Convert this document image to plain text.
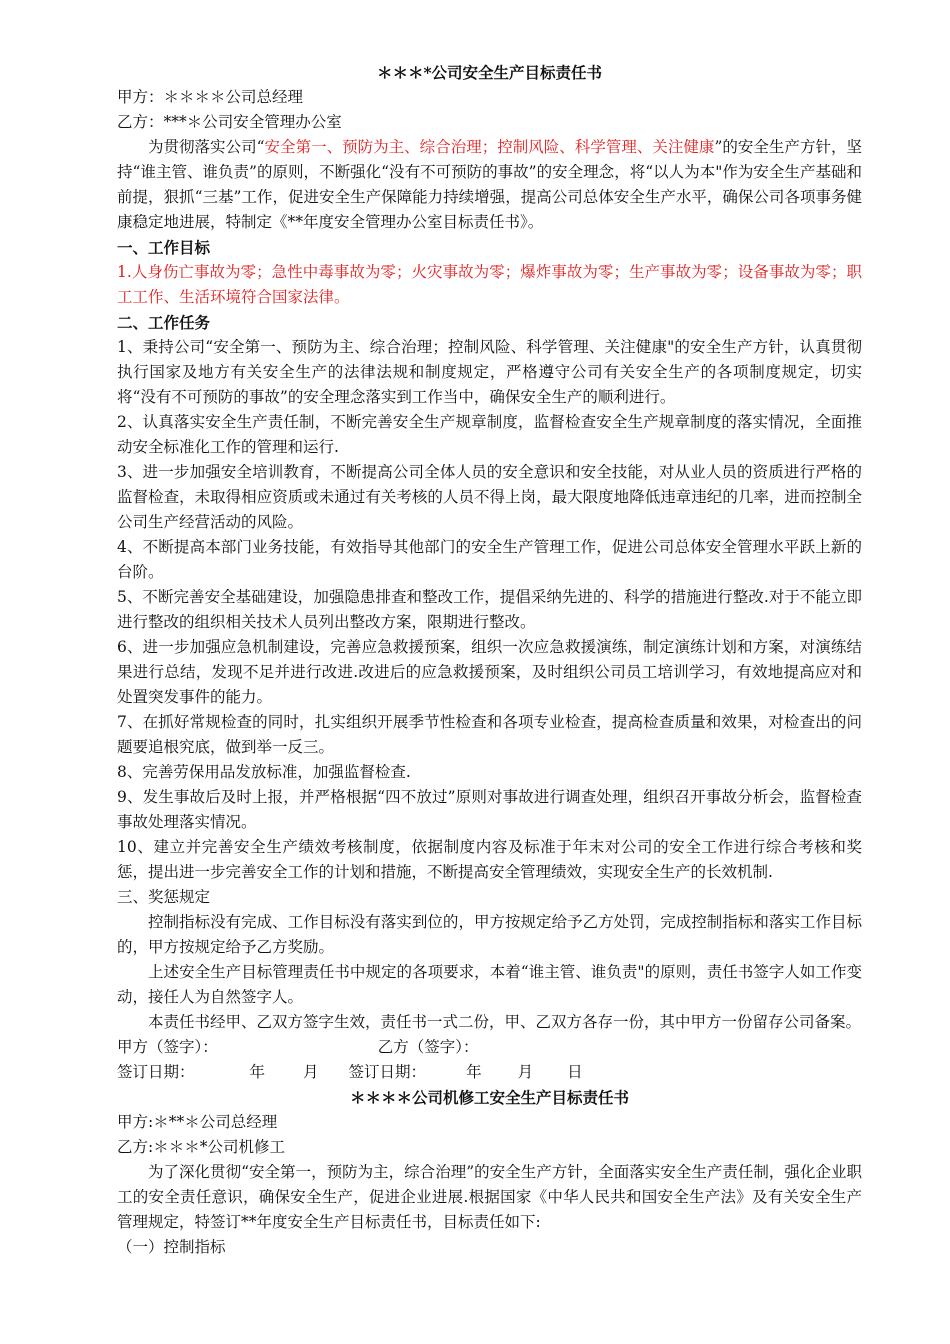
＊＊＊*公司安全生产目标责任书

甲方：＊＊＊＊公司总经理

乙方：***＊公司安全管理办公室

为贯彻落实公司“安全第一、预防为主、综合治理；控制风险、科学管理、关注健康”的安全生产方针，坚持“谁主管、谁负责”的原则，不断强化“没有不可预防的事故”的安全理念，将“以人为本"作为安全生产基础和前提，狠抓“三基”工作，促进安全生产保障能力持续增强，提高公司总体安全生产水平，确保公司各项事务健康稳定地进展，特制定《**年度安全管理办公室目标责任书》。

一、工作目标

1.人身伤亡事故为零；急性中毒事故为零；火灾事故为零；爆炸事故为零；生产事故为零；设备事故为零；职工工作、生活环境符合国家法律。

二、工作任务

1、秉持公司“安全第一、预防为主、综合治理；控制风险、科学管理、关注健康"的安全生产方针，认真贯彻执行国家及地方有关安全生产的法律法规和制度规定，严格遵守公司有关安全生产的各项制度规定，切实将“没有不可预防的事故”的安全理念落实到工作当中，确保安全生产的顺利进行。

2、认真落实安全生产责任制，不断完善安全生产规章制度，监督检查安全生产规章制度的落实情况，全面推动安全标准化工作的管理和运行.

3、进一步加强安全培训教育，不断提高公司全体人员的安全意识和安全技能，对从业人员的资质进行严格的监督检查，未取得相应资质或未通过有关考核的人员不得上岗，最大限度地降低违章违纪的几率，进而控制全公司生产经营活动的风险。

4、不断提高本部门业务技能，有效指导其他部门的安全生产管理工作，促进公司总体安全管理水平跃上新的台阶。

5、不断完善安全基础建设，加强隐患排查和整改工作，提倡采纳先进的、科学的措施进行整改.对于不能立即进行整改的组织相关技术人员列出整改方案，限期进行整改。

6、进一步加强应急机制建设，完善应急救援预案，组织一次应急救援演练，制定演练计划和方案，对演练结果进行总结，发现不足并进行改进.改进后的应急救援预案，及时组织公司员工培训学习，有效地提高应对和处置突发事件的能力。

7、在抓好常规检查的同时，扎实组织开展季节性检查和各项专业检查，提高检查质量和效果，对检查出的问题要追根究底，做到举一反三。

8、完善劳保用品发放标准，加强监督检查.

9、发生事故后及时上报，并严格根据“四不放过”原则对事故进行调查处理，组织召开事故分析会，监督检查事故处理落实情况。

10、建立并完善安全生产绩效考核制度，依据制度内容及标准于年末对公司的安全工作进行综合考核和奖惩，提出进一步完善安全工作的计划和措施，不断提高安全管理绩效，实现安全生产的长效机制.

三、奖惩规定

控制指标没有完成、工作目标没有落实到位的，甲方按规定给予乙方处罚，完成控制指标和落实工作目标的，甲方按规定给予乙方奖励。

上述安全生产目标管理责任书中规定的各项要求，本着“谁主管、谁负责"的原则，责任书签字人如工作变动，接任人为自然签字人。

本责任书经甲、乙双方签字生效，责任书一式二份，甲、乙双方各存一份，其中甲方一份留存公司备案。

甲方（签字）：	乙方（签字）：

签订日期：	年 月 签订日期：	年 月 日

＊＊＊＊公司机修工安全生产目标责任书

甲方:＊**＊公司总经理

乙方:＊＊＊*公司机修工

为了深化贯彻“安全第一，预防为主，综合治理”的安全生产方针，全面落实安全生产责任制，强化企业职工的安全责任意识，确保安全生产，促进企业进展.根据国家《中华人民共和国安全生产法》及有关安全生产管理规定，特签订**年度安全生产目标责任书，目标责任如下:

（一）控制指标
